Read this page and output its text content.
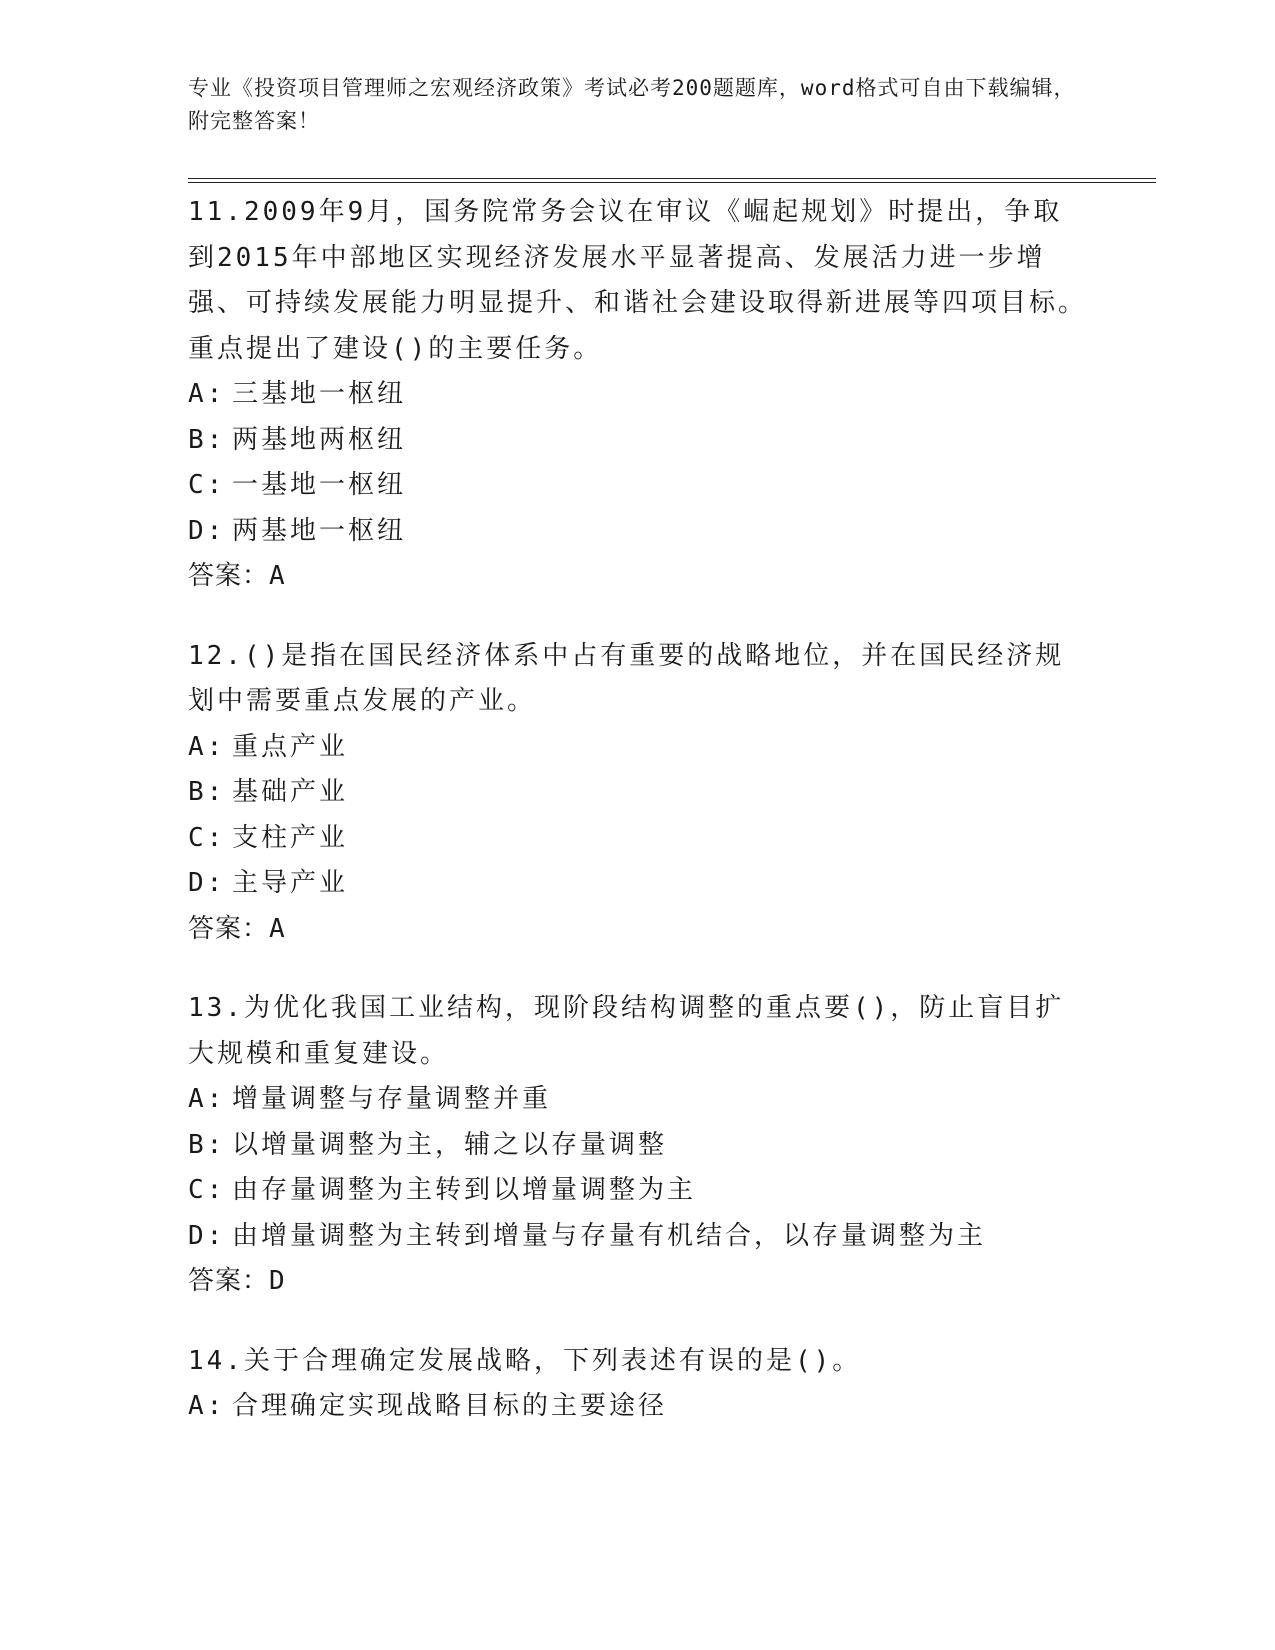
专业《投资项目管理师之宏观经济政策》考试必考200题题库，word格式可自由下载编辑，附完整答案！

11.2009年9月，国务院常务会议在审议《崛起规划》时提出，争取到2015年中部地区实现经济发展水平显著提高、发展活力进一步增强、可持续发展能力明显提升、和谐社会建设取得新进展等四项目标。重点提出了建设()的主要任务。

A: 三基地一枢纽
B: 两基地两枢纽
C: 一基地一枢纽
D: 两基地一枢纽

答案：A

12.()是指在国民经济体系中占有重要的战略地位，并在国民经济规划中需要重点发展的产业。

A: 重点产业
B: 基础产业
C: 支柱产业
D: 主导产业

答案：A

13.为优化我国工业结构，现阶段结构调整的重点要()，防止盲目扩大规模和重复建设。

A: 增量调整与存量调整并重
B: 以增量调整为主，辅之以存量调整
C: 由存量调整为主转到以增量调整为主
D: 由增量调整为主转到增量与存量有机结合，以存量调整为主

答案：D

14.关于合理确定发展战略，下列表述有误的是()。

A: 合理确定实现战略目标的主要途径
